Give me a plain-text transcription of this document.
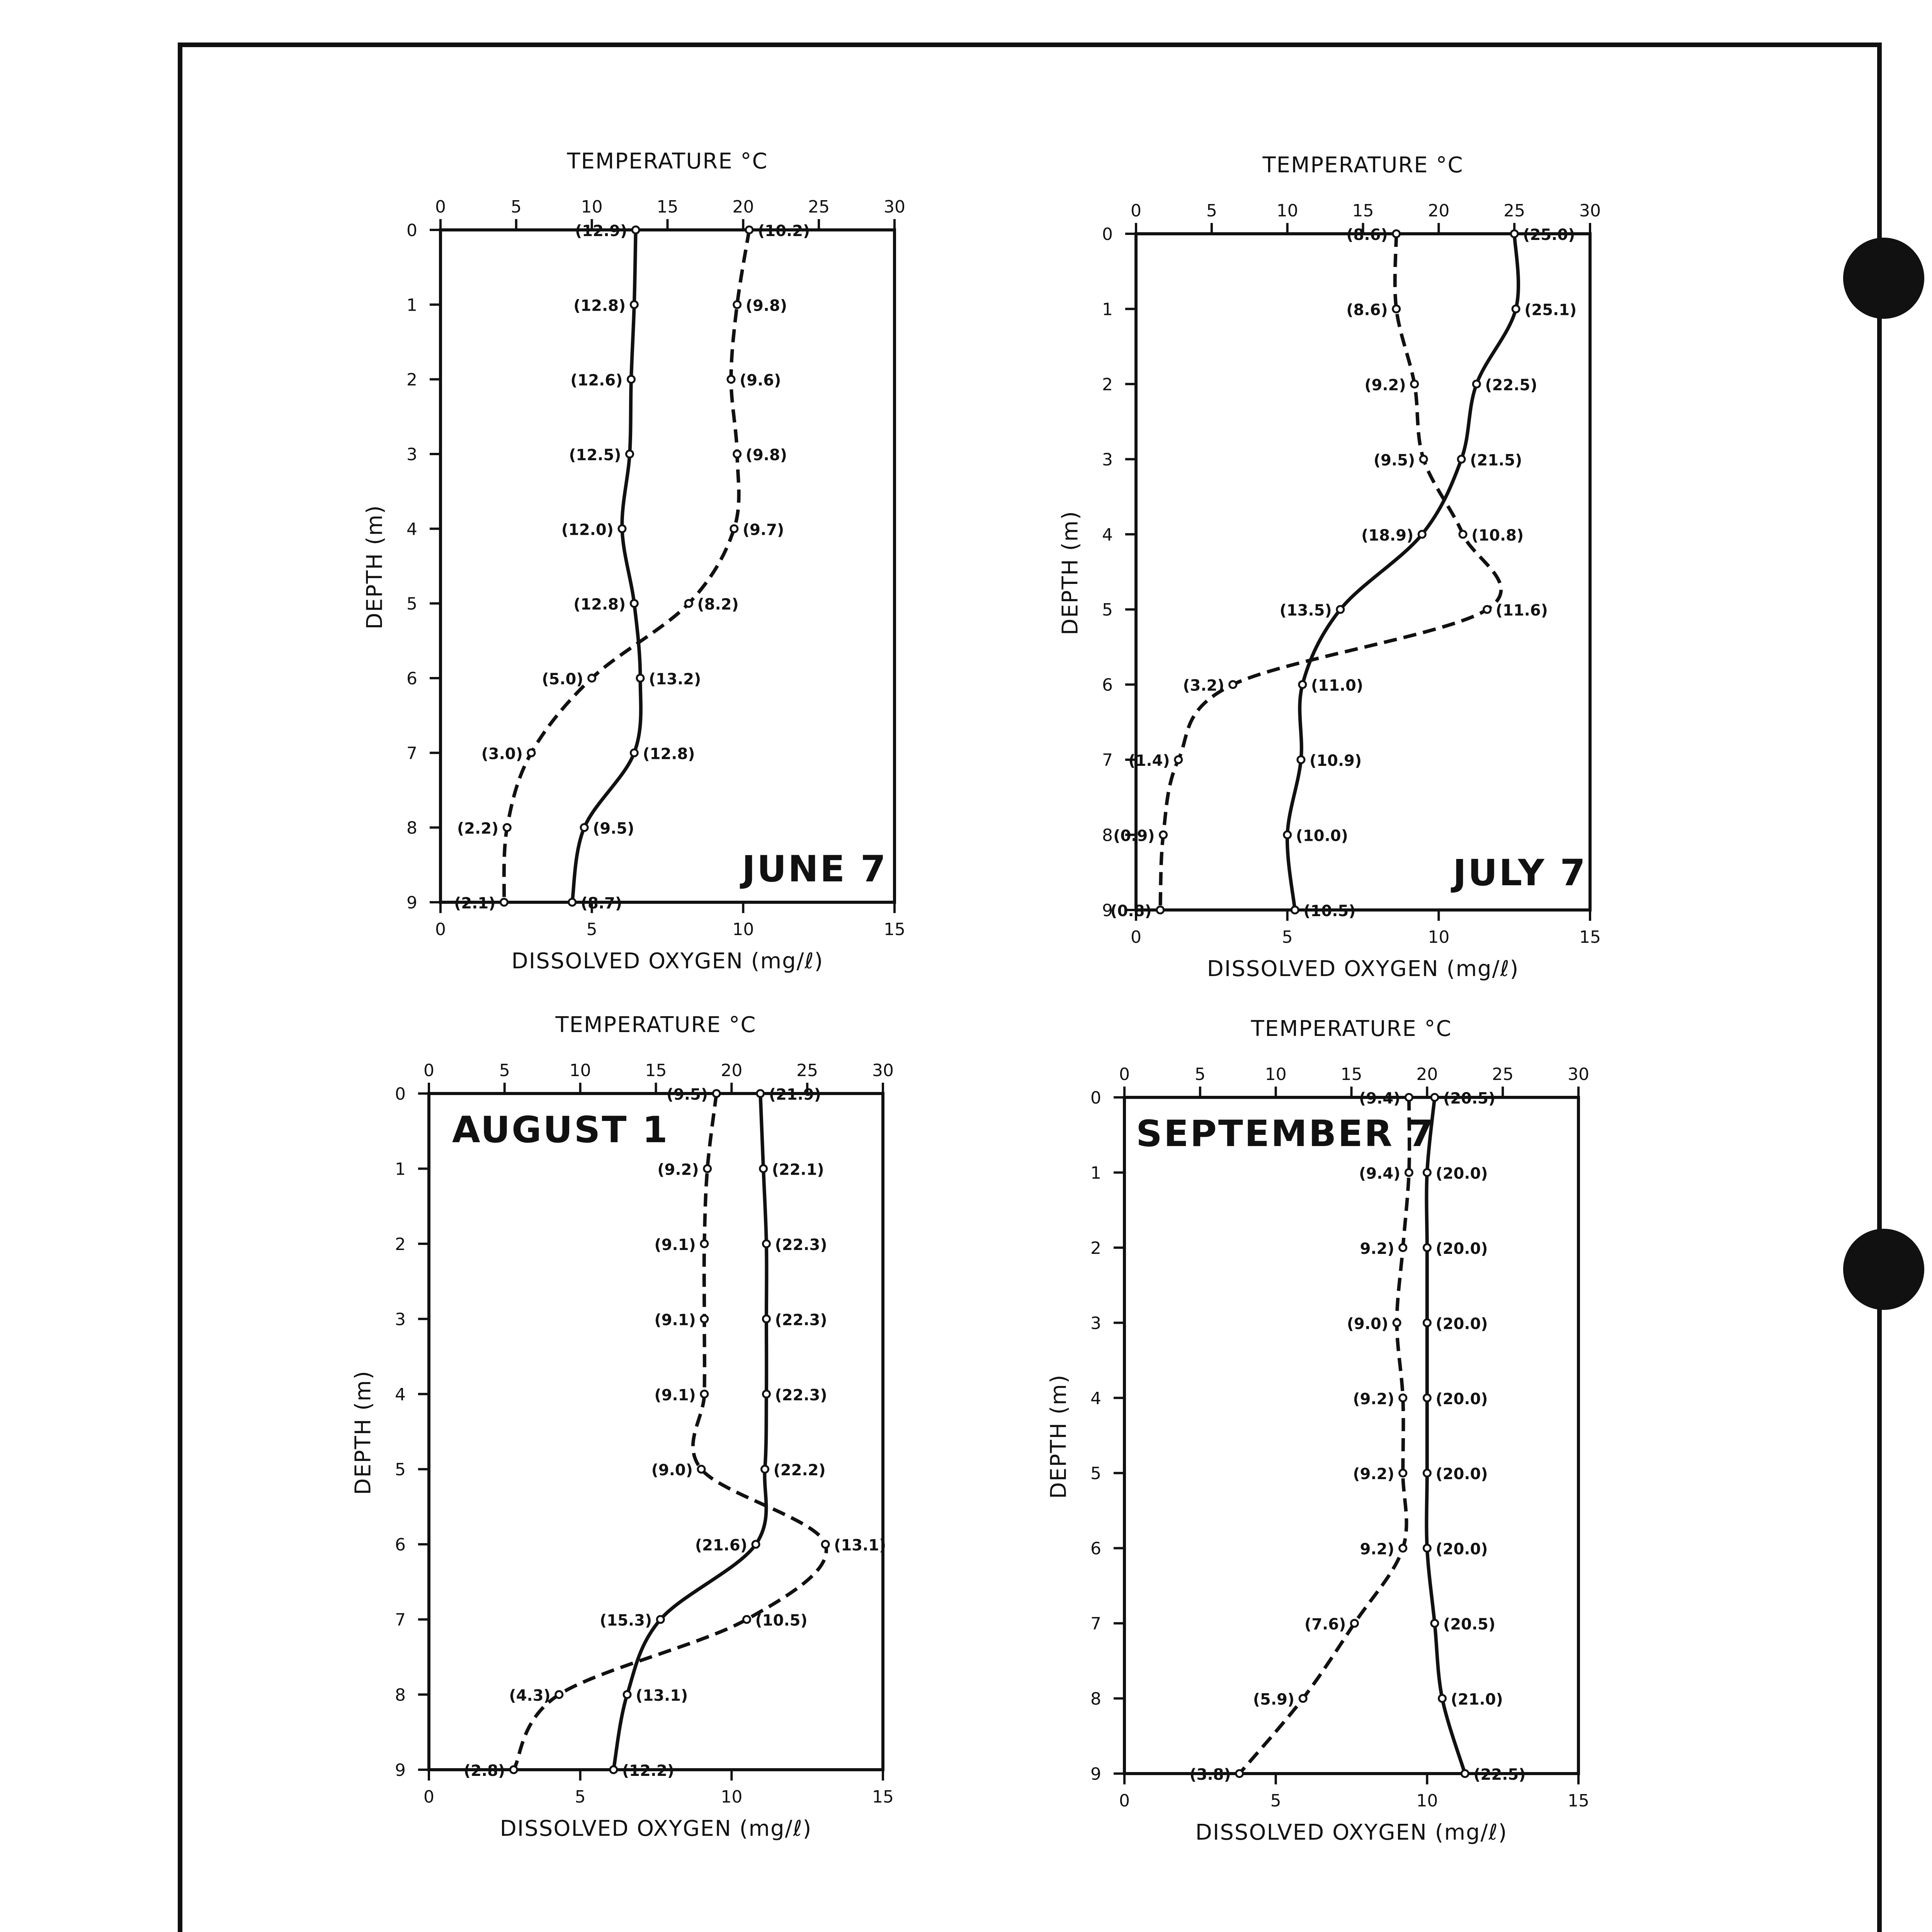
TEMPERATURE °C
DISSOLVED OXYGEN (mg/ℓ)
DEPTH (m)
JUNE 7
0	5	10	15	20	25	30
0	5	10	15
0
1
2
3
4
5
6
7
8
9
(12.9)
(12.8)
(12.6)
(12.5)
(12.0)
(12.8)
(13.2)
(12.8)
(9.5)
(8.7)
(10.2)
(9.8)
(9.6)
(9.8)
(9.7)
(8.2)
(5.0)
(3.0)
(2.2)
(2.1)
TEMPERATURE °C
DISSOLVED OXYGEN (mg/ℓ)
DEPTH (m)
JULY 7
0	5	10	15	20	25	30
0	5	10	15
0
1
2
3
4
5
6
7
8
9
(25.0)
(25.1)
(22.5)
(21.5)
(18.9)
(13.5)
(11.0)
(10.9)
(10.0)
(10.5)
(8.6)
(8.6)
(9.2)
(9.5)
(10.8)
(11.6)
(3.2)
(1.4)
(0.9)
(0.8)
TEMPERATURE °C
DISSOLVED OXYGEN (mg/ℓ)
DEPTH (m)
AUGUST 1
0	5	10	15	20	25	30
0	5	10	15
0
1
2
3
4
5
6
7
8
9
(21.9)
(22.1)
(22.3)
(22.3)
(22.3)
(22.2)
(21.6)
(15.3)
(13.1)
(12.2)
(9.5)
(9.2)
(9.1)
(9.1)
(9.1)
(9.0)
(13.1)
(10.5)
(4.3)
(2.8)
TEMPERATURE °C
DISSOLVED OXYGEN (mg/ℓ)
DEPTH (m)
SEPTEMBER 7
0	5	10	15	20	25	30
0	5	10	15
0
1
2
3
4
5
6
7
8
9
(20.5)
(20.0)
(20.0)
(20.0)
(20.0)
(20.0)
(20.0)
(20.5)
(21.0)
(22.5)
(9.4)
(9.4)
9.2)
(9.0)
(9.2)
(9.2)
9.2)
(7.6)
(5.9)
(3.8)
